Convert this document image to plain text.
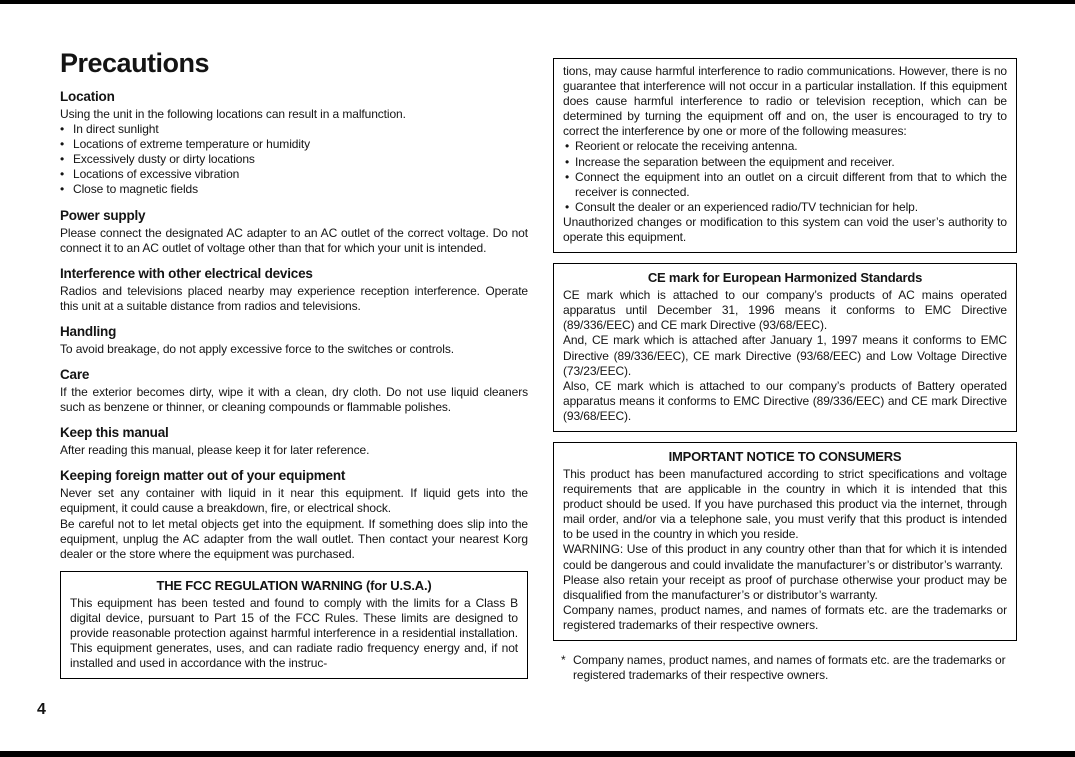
Precautions
Location

Using the unit in the following locations can result in a malfunction.

• In direct sunlight
• Locations of extreme temperature or humidity
• Excessively dusty or dirty locations
• Locations of excessive vibration
• Close to magnetic fields
Power supply

Please connect the designated AC adapter to an AC outlet of the correct voltage. Do not connect it to an AC outlet of voltage other than that for which your unit is intended.

Interference with other electrical devices

Radios and televisions placed nearby may experience reception interference. Operate this unit at a suitable distance from radios and televisions.

Handling

To avoid breakage, do not apply excessive force to the switches or controls.

Care

If the exterior becomes dirty, wipe it with a clean, dry cloth. Do not use liquid cleaners such as benzene or thinner, or cleaning compounds or flammable polishes.

Keep this manual

After reading this manual, please keep it for later reference.

Keeping foreign matter out of your equipment

Never set any container with liquid in it near this equipment. If liquid gets into the equipment, it could cause a breakdown, fire, or electrical shock.

Be careful not to let metal objects get into the equipment. If something does slip into the equipment, unplug the AC adapter from the wall outlet. Then contact your nearest Korg dealer or the store where the equipment was purchased.

THE FCC REGULATION WARNING (for U.S.A.)

This equipment has been tested and found to comply with the limits for a Class B digital device, pursuant to Part 15 of the FCC Rules. These limits are designed to provide reasonable protection against harmful interference in a residential installation. This equipment generates, uses, and can radiate radio frequency energy and, if not installed and used in accordance with the instruc-

tions, may cause harmful interference to radio communications. However, there is no guarantee that interference will not occur in a particular installation. If this equipment does cause harmful interference to radio or television reception, which can be determined by turning the equipment off and on, the user is encouraged to try to correct the interference by one or more of the following measures:

• Reorient or relocate the receiving antenna.
• Increase the separation between the equipment and receiver.
• Connect the equipment into an outlet on a circuit different from that to which the receiver is connected.
• Consult the dealer or an experienced radio/TV technician for help.

Unauthorized changes or modification to this system can void the user’s authority to operate this equipment.

CE mark for European Harmonized Standards

CE mark which is attached to our company’s products of AC mains operated apparatus until December 31, 1996 means it conforms to EMC Directive (89/336/EEC) and CE mark Directive (93/68/EEC).

And, CE mark which is attached after January 1, 1997 means it conforms to EMC Directive (89/336/EEC), CE mark Directive (93/68/EEC) and Low Voltage Directive (73/23/EEC).

Also, CE mark which is attached to our company’s products of Battery operated apparatus means it conforms to EMC Directive (89/336/EEC) and CE mark Directive (93/68/EEC).

IMPORTANT NOTICE TO CONSUMERS

This product has been manufactured according to strict specifications and voltage requirements that are applicable in the country in which it is intended that this product should be used. If you have purchased this product via the internet, through mail order, and/or via a telephone sale, you must verify that this product is intended to be used in the country in which you reside.

WARNING: Use of this product in any country other than that for which it is intended could be dangerous and could invalidate the manufacturer’s or distributor’s warranty.

Please also retain your receipt as proof of purchase otherwise your product may be disqualified from the manufacturer’s or distributor’s warranty.

Company names, product names, and names of formats etc. are the trademarks or registered trademarks of their respective owners.

* Company names, product names, and names of formats etc. are the trademarks or registered trademarks of their respective owners.
4
